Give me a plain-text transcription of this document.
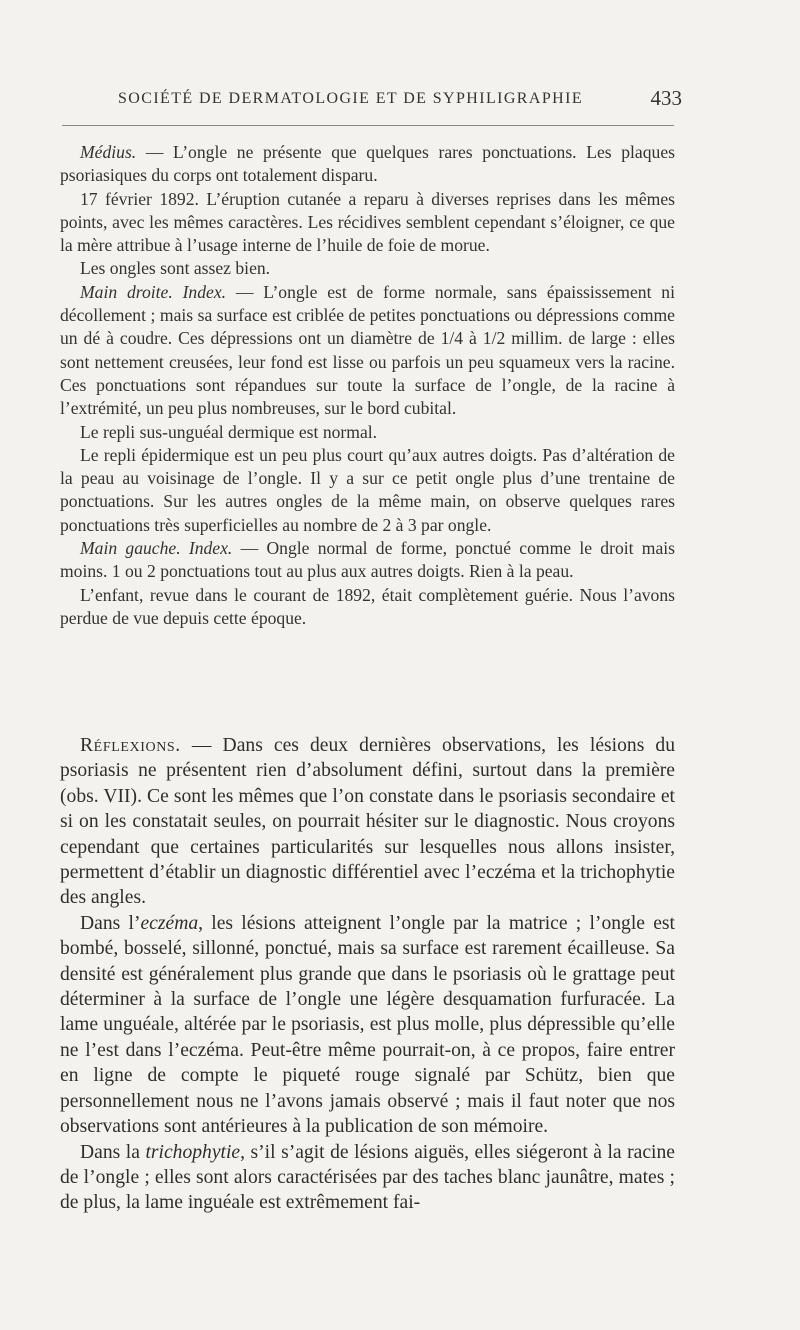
SOCIÉTÉ DE DERMATOLOGIE ET DE SYPHILIGRAPHIE	433

Médius. — L’ongle ne présente que quelques rares ponctuations. Les plaques psoriasiques du corps ont totalement disparu.

17 février 1892. L’éruption cutanée a reparu à diverses reprises dans les mêmes points, avec les mêmes caractères. Les récidives semblent cependant s’éloigner, ce que la mère attribue à l’usage interne de l’huile de foie de morue.

Les ongles sont assez bien.

Main droite. Index. — L’ongle est de forme normale, sans épaississement ni décollement ; mais sa surface est criblée de petites ponctuations ou dépressions comme un dé à coudre. Ces dépressions ont un diamètre de 1/4 à 1/2 millim. de large : elles sont nettement creusées, leur fond est lisse ou parfois un peu squameux vers la racine. Ces ponctuations sont répandues sur toute la surface de l’ongle, de la racine à l’extrémité, un peu plus nombreuses, sur le bord cubital.

Le repli sus-unguéal dermique est normal.

Le repli épidermique est un peu plus court qu’aux autres doigts. Pas d’altération de la peau au voisinage de l’ongle. Il y a sur ce petit ongle plus d’une trentaine de ponctuations. Sur les autres ongles de la même main, on observe quelques rares ponctuations très superficielles au nombre de 2 à 3 par ongle.

Main gauche. Index. — Ongle normal de forme, ponctué comme le droit mais moins. 1 ou 2 ponctuations tout au plus aux autres doigts. Rien à la peau.

L’enfant, revue dans le courant de 1892, était complètement guérie. Nous l’avons perdue de vue depuis cette époque.

Réflexions. — Dans ces deux dernières observations, les lésions du psoriasis ne présentent rien d’absolument défini, surtout dans la première (obs. VII). Ce sont les mêmes que l’on constate dans le psoriasis secondaire et si on les constatait seules, on pourrait hésiter sur le diagnostic. Nous croyons cependant que certaines particularités sur lesquelles nous allons insister, permettent d’établir un diagnostic différentiel avec l’eczéma et la trichophytie des angles.

Dans l’eczéma, les lésions atteignent l’ongle par la matrice ; l’ongle est bombé, bosselé, sillonné, ponctué, mais sa surface est rarement écailleuse. Sa densité est généralement plus grande que dans le psoriasis où le grattage peut déterminer à la surface de l’ongle une légère desquamation furfuracée. La lame unguéale, altérée par le psoriasis, est plus molle, plus dépressible qu’elle ne l’est dans l’eczéma. Peut-être même pourrait-on, à ce propos, faire entrer en ligne de compte le piqueté rouge signalé par Schütz, bien que personnellement nous ne l’avons jamais observé ; mais il faut noter que nos observations sont antérieures à la publication de son mémoire.

Dans la trichophytie, s’il s’agit de lésions aiguës, elles siégeront à la racine de l’ongle ; elles sont alors caractérisées par des taches blanc jaunâtre, mates ; de plus, la lame inguéale est extrêmement fai-
